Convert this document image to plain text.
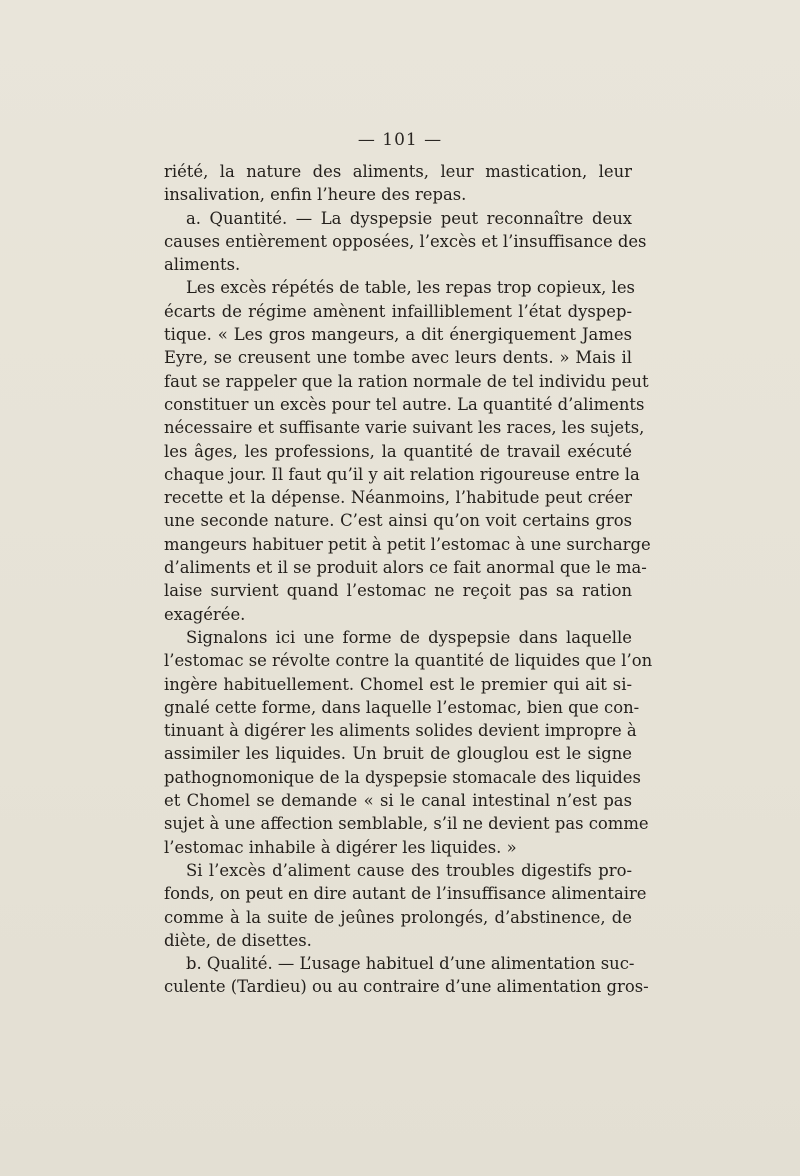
— 101 —

riété, la nature des aliments, leur mastication, leur
insalivation, enfin l’heure des repas.

a. Quantité. — La dyspepsie peut reconnaître deux
causes entièrement opposées, l’excès et l’insuffisance des
aliments.

Les excès répétés de table, les repas trop copieux, les
écarts de régime amènent infailliblement l’état dyspep-
tique. « Les gros mangeurs, a dit énergiquement James
Eyre, se creusent une tombe avec leurs dents. » Mais il
faut se rappeler que la ration normale de tel individu peut
constituer un excès pour tel autre. La quantité d’aliments
nécessaire et suffisante varie suivant les races, les sujets,
les âges, les professions, la quantité de travail exécuté
chaque jour. Il faut qu’il y ait relation rigoureuse entre la
recette et la dépense. Néanmoins, l’habitude peut créer
une seconde nature. C’est ainsi qu’on voit certains gros
mangeurs habituer petit à petit l’estomac à une surcharge
d’aliments et il se produit alors ce fait anormal que le ma-
laise survient quand l’estomac ne reçoit pas sa ration
exagérée.

Signalons ici une forme de dyspepsie dans laquelle
l’estomac se révolte contre la quantité de liquides que l’on
ingère habituellement. Chomel est le premier qui ait si-
gnalé cette forme, dans laquelle l’estomac, bien que con-
tinuant à digérer les aliments solides devient impropre à
assimiler les liquides. Un bruit de glouglou est le signe
pathognomonique de la dyspepsie stomacale des liquides
et Chomel se demande « si le canal intestinal n’est pas
sujet à une affection semblable, s’il ne devient pas comme
l’estomac inhabile à digérer les liquides. »

Si l’excès d’aliment cause des troubles digestifs pro-
fonds, on peut en dire autant de l’insuffisance alimentaire
comme à la suite de jeûnes prolongés, d’abstinence, de
diète, de disettes.

b. Qualité. — L’usage habituel d’une alimentation suc-
culente (Tardieu) ou au contraire d’une alimentation gros-
